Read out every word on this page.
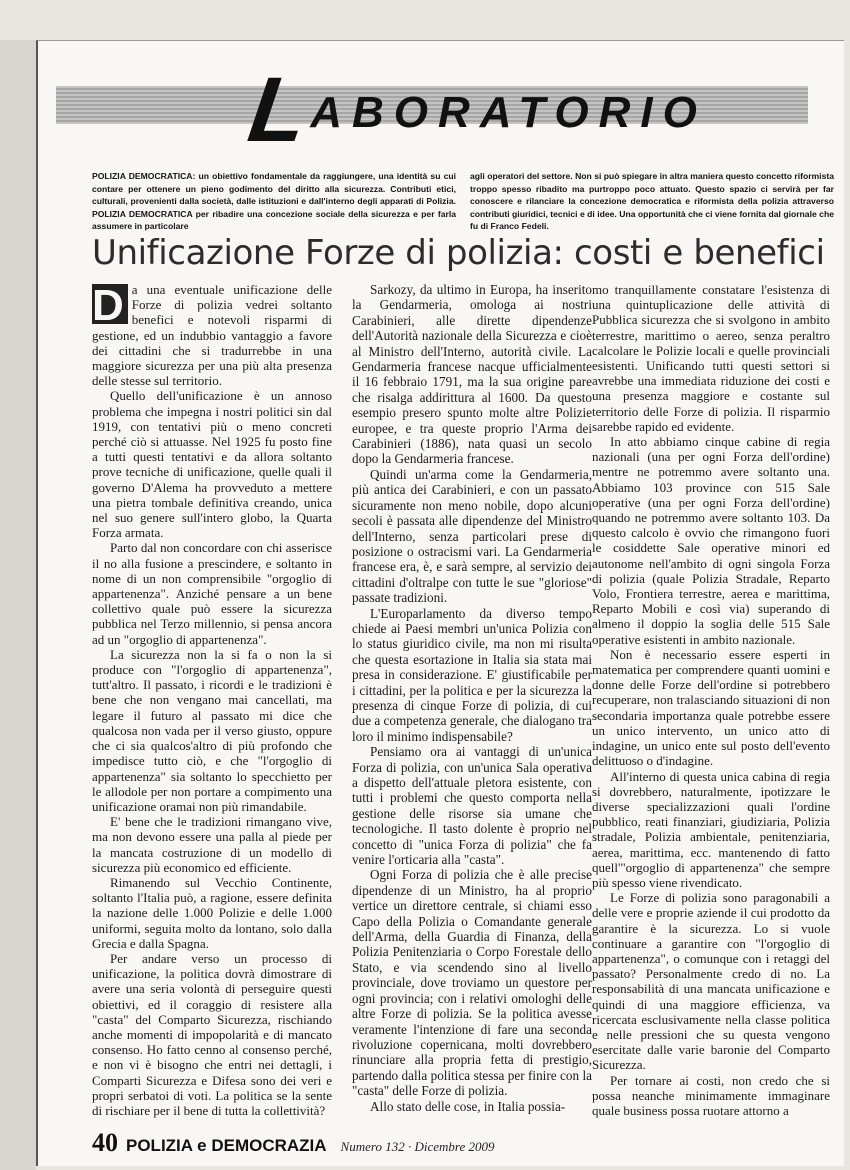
L
ABORATORIO
POLIZIA DEMOCRATICA: un obiettivo fondamentale da raggiungere, una identità su cui contare per ottenere un pieno godimento del diritto alla sicurezza. Contributi etici, culturali, provenienti dalla società, dalle istituzioni e dall'interno degli apparati di Polizia. POLIZIA DEMOCRATICA per ribadire una concezione sociale della sicurezza e per farla assumere in particolare
agli operatori del settore. Non si può spiegare in altra maniera questo concetto riformista troppo spesso ribadito ma purtroppo poco attuato. Questo spazio ci servirà per far conoscere e rilanciare la concezione democratica e riformista della polizia attraverso contributi giuridici, tecnici e di idee. Una opportunità che ci viene fornita dal giornale che fu di Franco Fedeli.
Unificazione Forze di polizia: costi e benefici

D a una eventuale unificazione delle Forze di polizia vedrei soltanto benefici e notevoli risparmi di gestione, ed un indubbio vantaggio a favore dei cittadini che si tradurrebbe in una maggiore sicurezza per una più alta presenza delle stesse sul territorio.

Quello dell'unificazione è un annoso problema che impegna i nostri politici sin dal 1919, con tentativi più o meno concreti perché ciò si attuasse. Nel 1925 fu posto fine a tutti questi tentativi e da allora soltanto prove tecniche di unificazione, quelle quali il governo D'Alema ha provveduto a mettere una pietra tombale definitiva creando, unica nel suo genere sull'intero globo, la Quarta Forza armata.

Parto dal non concordare con chi asserisce il no alla fusione a prescindere, e soltanto in nome di un non comprensibile "orgoglio di appartenenza". Anziché pensare a un bene collettivo quale può essere la sicurezza pubblica nel Terzo millennio, si pensa ancora ad un "orgoglio di appartenenza".

La sicurezza non la si fa o non la si produce con "l'orgoglio di appartenenza", tutt'altro. Il passato, i ricordi e le tradizioni è bene che non vengano mai cancellati, ma legare il futuro al passato mi dice che qualcosa non vada per il verso giusto, oppure che ci sia qualcos'altro di più profondo che impedisce tutto ciò, e che "l'orgoglio di appartenenza" sia soltanto lo specchietto per le allodole per non portare a compimento una unificazione oramai non più rimandabile.

E' bene che le tradizioni rimangano vive, ma non devono essere una palla al piede per la mancata costruzione di un modello di sicurezza più economico ed efficiente.

Rimanendo sul Vecchio Continente, soltanto l'Italia può, a ragione, essere definita la nazione delle 1.000 Polizie e delle 1.000 uniformi, seguita molto da lontano, solo dalla Grecia e dalla Spagna.

Per andare verso un processo di unificazione, la politica dovrà dimostrare di avere una seria volontà di perseguire questi obiettivi, ed il coraggio di resistere alla "casta" del Comparto Sicurezza, rischiando anche momenti di impopolarità e di mancato consenso. Ho fatto cenno al consenso perché, e non vi è bisogno che entri nei dettagli, i Comparti Sicurezza e Difesa sono dei veri e propri serbatoi di voti. La politica se la sente di rischiare per il bene di tutta la collettività?

Sarkozy, da ultimo in Europa, ha inserito la Gendarmeria, omologa ai nostri Carabinieri, alle dirette dipendenze dell'Autorità nazionale della Sicurezza e cioè al Ministro dell'Interno, autorità civile. La Gendarmeria francese nacque ufficialmente il 16 febbraio 1791, ma la sua origine pare che risalga addirittura al 1600. Da questo esempio presero spunto molte altre Polizie europee, e tra queste proprio l'Arma dei Carabinieri (1886), nata quasi un secolo dopo la Gendarmeria francese.

Quindi un'arma come la Gendarmeria, più antica dei Carabinieri, e con un passato sicuramente non meno nobile, dopo alcuni secoli è passata alle dipendenze del Ministro dell'Interno, senza particolari prese di posizione o ostracismi vari. La Gendarmeria francese era, è, e sarà sempre, al servizio dei cittadini d'oltralpe con tutte le sue "gloriose" passate tradizioni.

L'Europarlamento da diverso tempo chiede ai Paesi membri un'unica Polizia con lo status giuridico civile, ma non mi risulta che questa esortazione in Italia sia stata mai presa in considerazione. E' giustificabile per i cittadini, per la politica e per la sicurezza la presenza di cinque Forze di polizia, di cui due a competenza generale, che dialogano tra loro il minimo indispensabile?

Pensiamo ora ai vantaggi di un'unica Forza di polizia, con un'unica Sala operativa a dispetto dell'attuale pletora esistente, con tutti i problemi che questo comporta nella gestione delle risorse sia umane che tecnologiche. Il tasto dolente è proprio nel concetto di "unica Forza di polizia" che fa venire l'orticaria alla "casta".

Ogni Forza di polizia che è alle precise dipendenze di un Ministro, ha al proprio vertice un direttore centrale, si chiami esso Capo della Polizia o Comandante generale dell'Arma, della Guardia di Finanza, della Polizia Penitenziaria o Corpo Forestale dello Stato, e via scendendo sino al livello provinciale, dove troviamo un questore per ogni provincia; con i relativi omologhi delle altre Forze di polizia. Se la politica avesse veramente l'intenzione di fare una seconda rivoluzione copernicana, molti dovrebbero rinunciare alla propria fetta di prestigio, partendo dalla politica stessa per finire con la "casta" delle Forze di polizia.

Allo stato delle cose, in Italia possia-

mo tranquillamente constatare l'esistenza di una quintuplicazione delle attività di Pubblica sicurezza che si svolgono in ambito terrestre, marittimo o aereo, senza peraltro calcolare le Polizie locali e quelle provinciali esistenti. Unificando tutti questi settori si avrebbe una immediata riduzione dei costi e una presenza maggiore e costante sul territorio delle Forze di polizia. Il risparmio sarebbe rapido ed evidente.

In atto abbiamo cinque cabine di regia nazionali (una per ogni Forza dell'ordine) mentre ne potremmo avere soltanto una. Abbiamo 103 province con 515 Sale operative (una per ogni Forza dell'ordine) quando ne potremmo avere soltanto 103. Da questo calcolo è ovvio che rimangono fuori le cosiddette Sale operative minori ed autonome nell'ambito di ogni singola Forza di polizia (quale Polizia Stradale, Reparto Volo, Frontiera terrestre, aerea e marittima, Reparto Mobili e così via) superando di almeno il doppio la soglia delle 515 Sale operative esistenti in ambito nazionale.

Non è necessario essere esperti in matematica per comprendere quanti uomini e donne delle Forze dell'ordine si potrebbero recuperare, non tralasciando situazioni di non secondaria importanza quale potrebbe essere un unico intervento, un unico atto di indagine, un unico ente sul posto dell'evento delittuoso o d'indagine.

All'interno di questa unica cabina di regia si dovrebbero, naturalmente, ipotizzare le diverse specializzazioni quali l'ordine pubblico, reati finanziari, giudiziaria, Polizia stradale, Polizia ambientale, penitenziaria, aerea, marittima, ecc. mantenendo di fatto quell'"orgoglio di appartenenza" che sempre più spesso viene rivendicato.

Le Forze di polizia sono paragonabili a delle vere e proprie aziende il cui prodotto da garantire è la sicurezza. Lo si vuole continuare a garantire con "l'orgoglio di appartenenza", o comunque con i retaggi del passato? Personalmente credo di no. La responsabilità di una mancata unificazione e quindi di una maggiore efficienza, va ricercata esclusivamente nella classe politica e nelle pressioni che su questa vengono esercitate dalle varie baronie del Comparto Sicurezza.

Per tornare ai costi, non credo che si possa neanche minimamente immaginare quale business possa ruotare attorno a

40 POLIZIA e DEMOCRAZIA Numero 132 · Dicembre 2009
